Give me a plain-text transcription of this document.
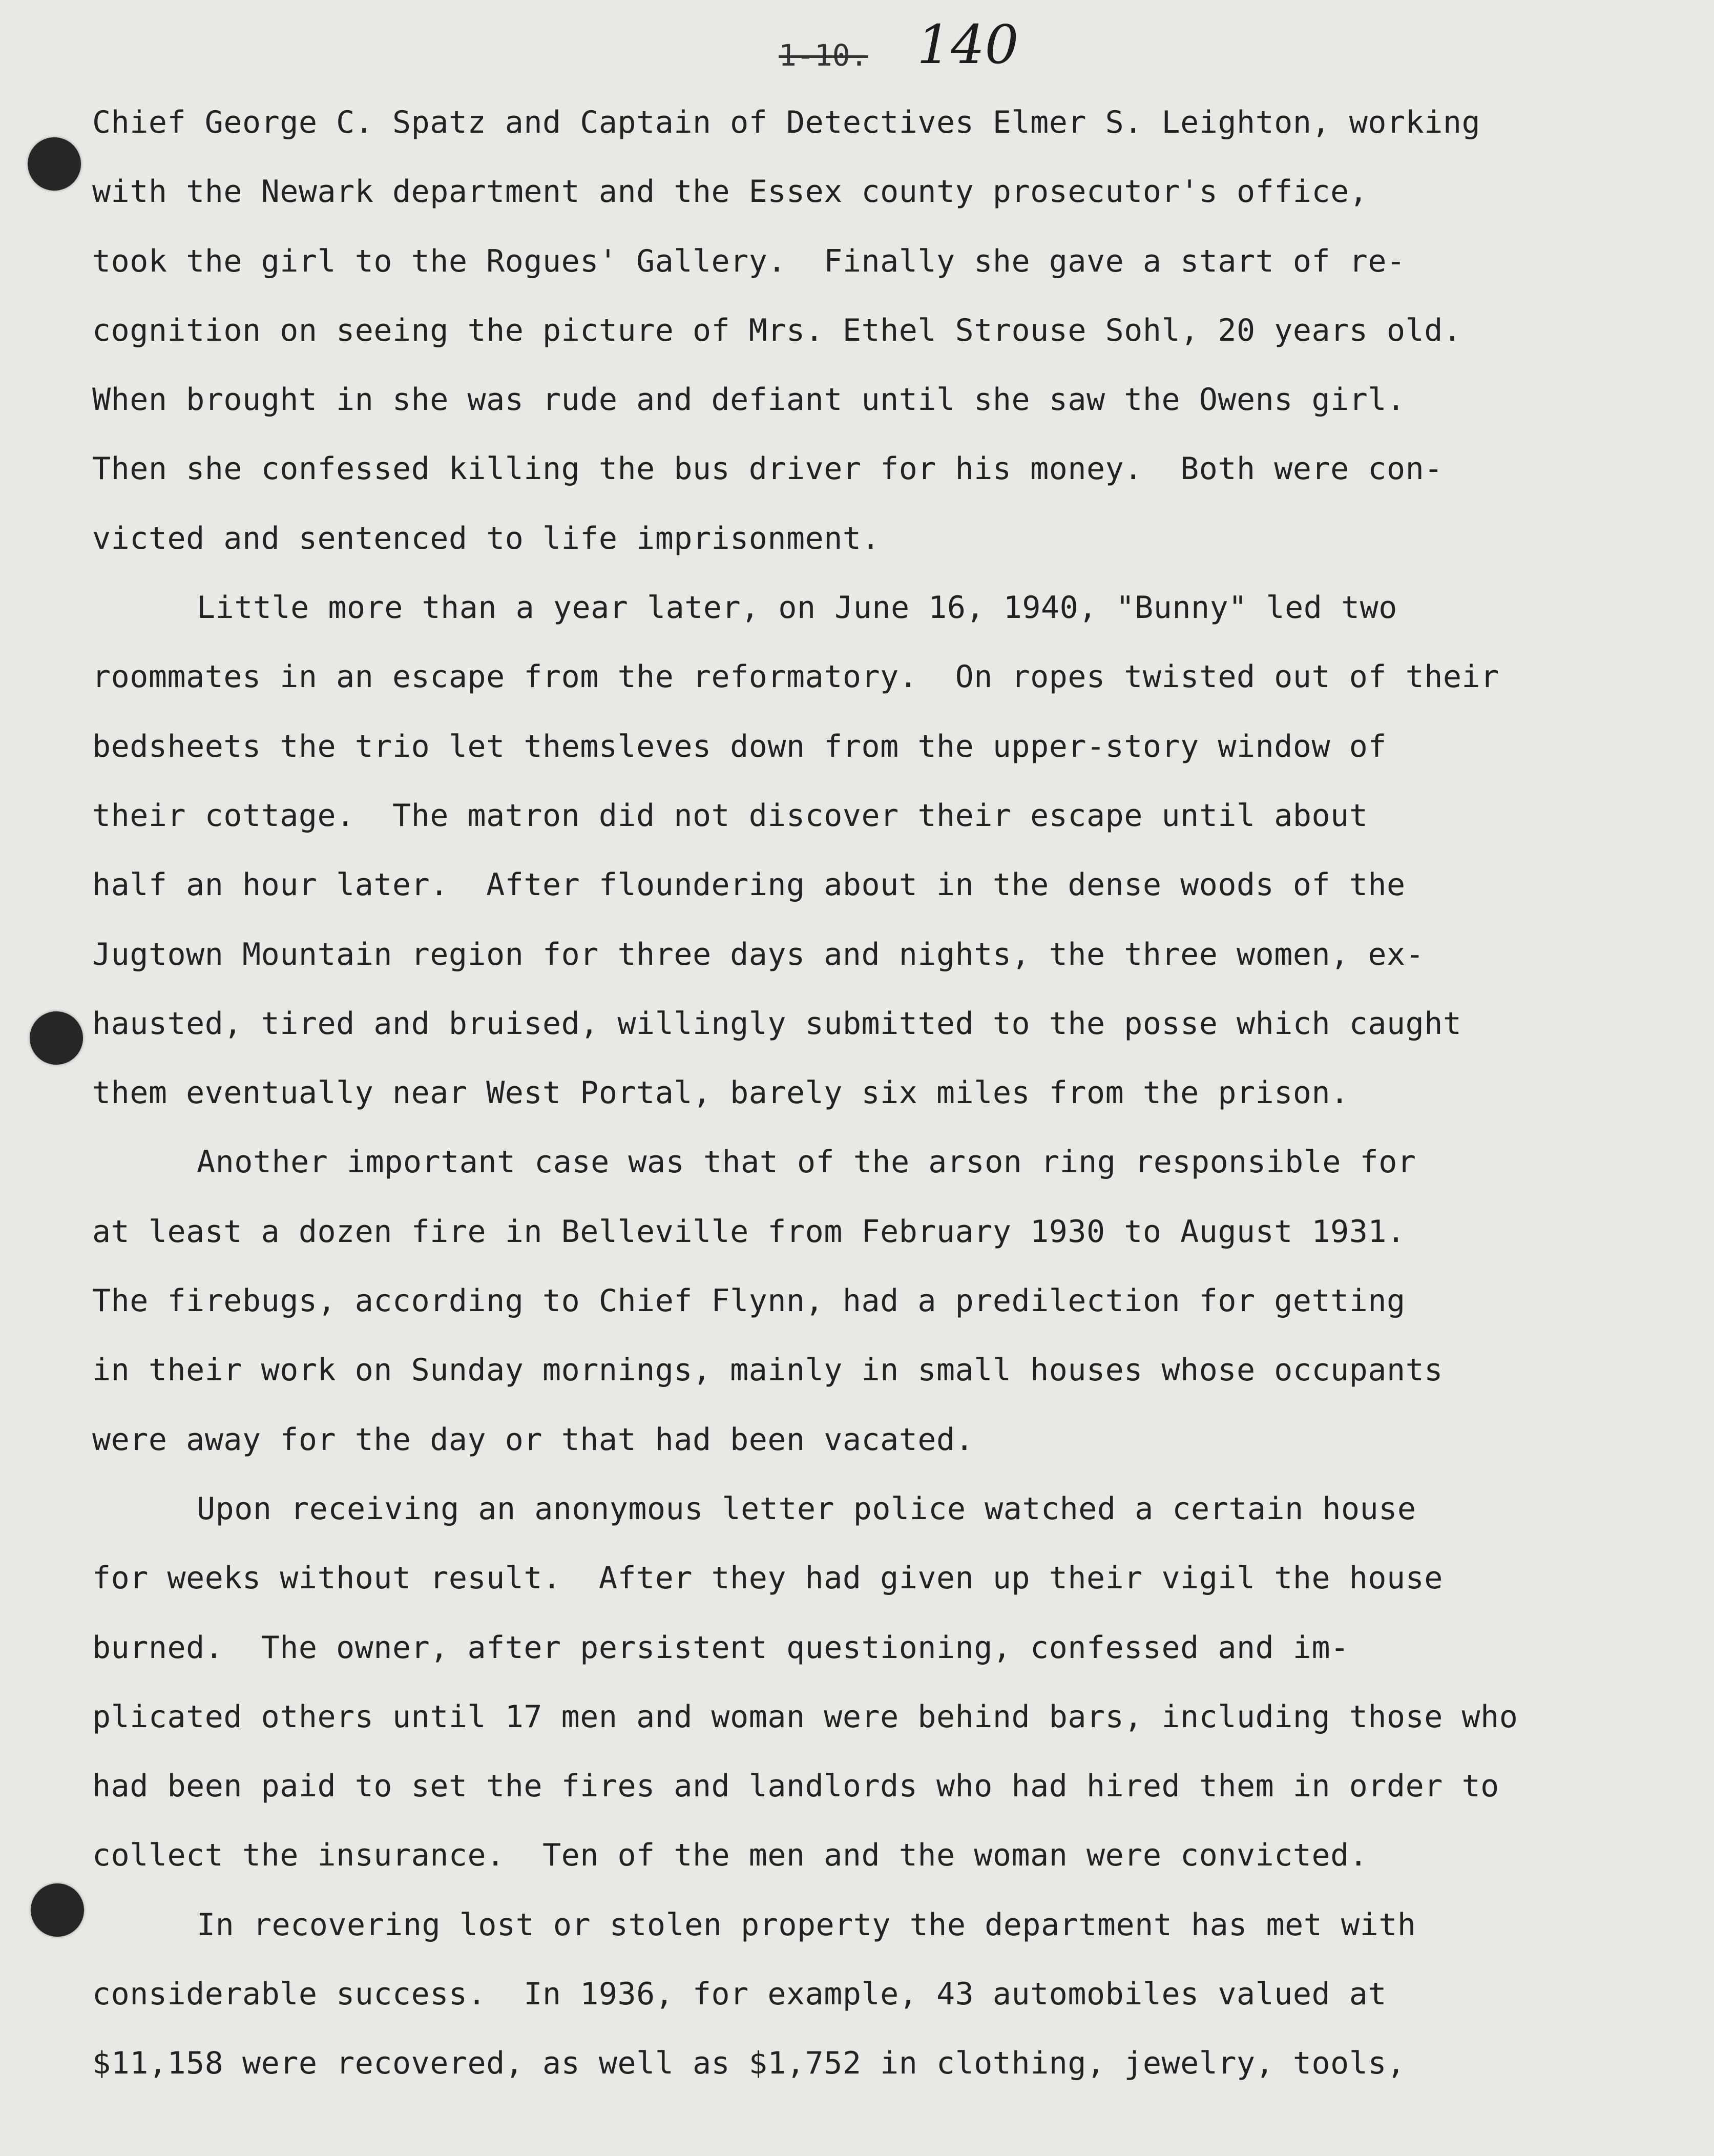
1-10. 140
Chief George C. Spatz and Captain of Detectives Elmer S. Leighton, working
with the Newark department and the Essex county prosecutor's office,
took the girl to the Rogues' Gallery.  Finally she gave a start of re-
cognition on seeing the picture of Mrs. Ethel Strouse Sohl, 20 years old.
When brought in she was rude and defiant until she saw the Owens girl.
Then she confessed killing the bus driver for his money.  Both were con-
victed and sentenced to life imprisonment.
Little more than a year later, on June 16, 1940, "Bunny" led two
roommates in an escape from the reformatory.  On ropes twisted out of their
bedsheets the trio let themsleves down from the upper-story window of
their cottage.  The matron did not discover their escape until about
half an hour later.  After floundering about in the dense woods of the
Jugtown Mountain region for three days and nights, the three women, ex-
hausted, tired and bruised, willingly submitted to the posse which caught
them eventually near West Portal, barely six miles from the prison.
Another important case was that of the arson ring responsible for
at least a dozen fire in Belleville from February 1930 to August 1931.
The firebugs, according to Chief Flynn, had a predilection for getting
in their work on Sunday mornings, mainly in small houses whose occupants
were away for the day or that had been vacated.
Upon receiving an anonymous letter police watched a certain house
for weeks without result.  After they had given up their vigil the house
burned.  The owner, after persistent questioning, confessed and im-
plicated others until 17 men and woman were behind bars, including those who
had been paid to set the fires and landlords who had hired them in order to
collect the insurance.  Ten of the men and the woman were convicted.
In recovering lost or stolen property the department has met with
considerable success.  In 1936, for example, 43 automobiles valued at
$11,158 were recovered, as well as $1,752 in clothing, jewelry, tools,
